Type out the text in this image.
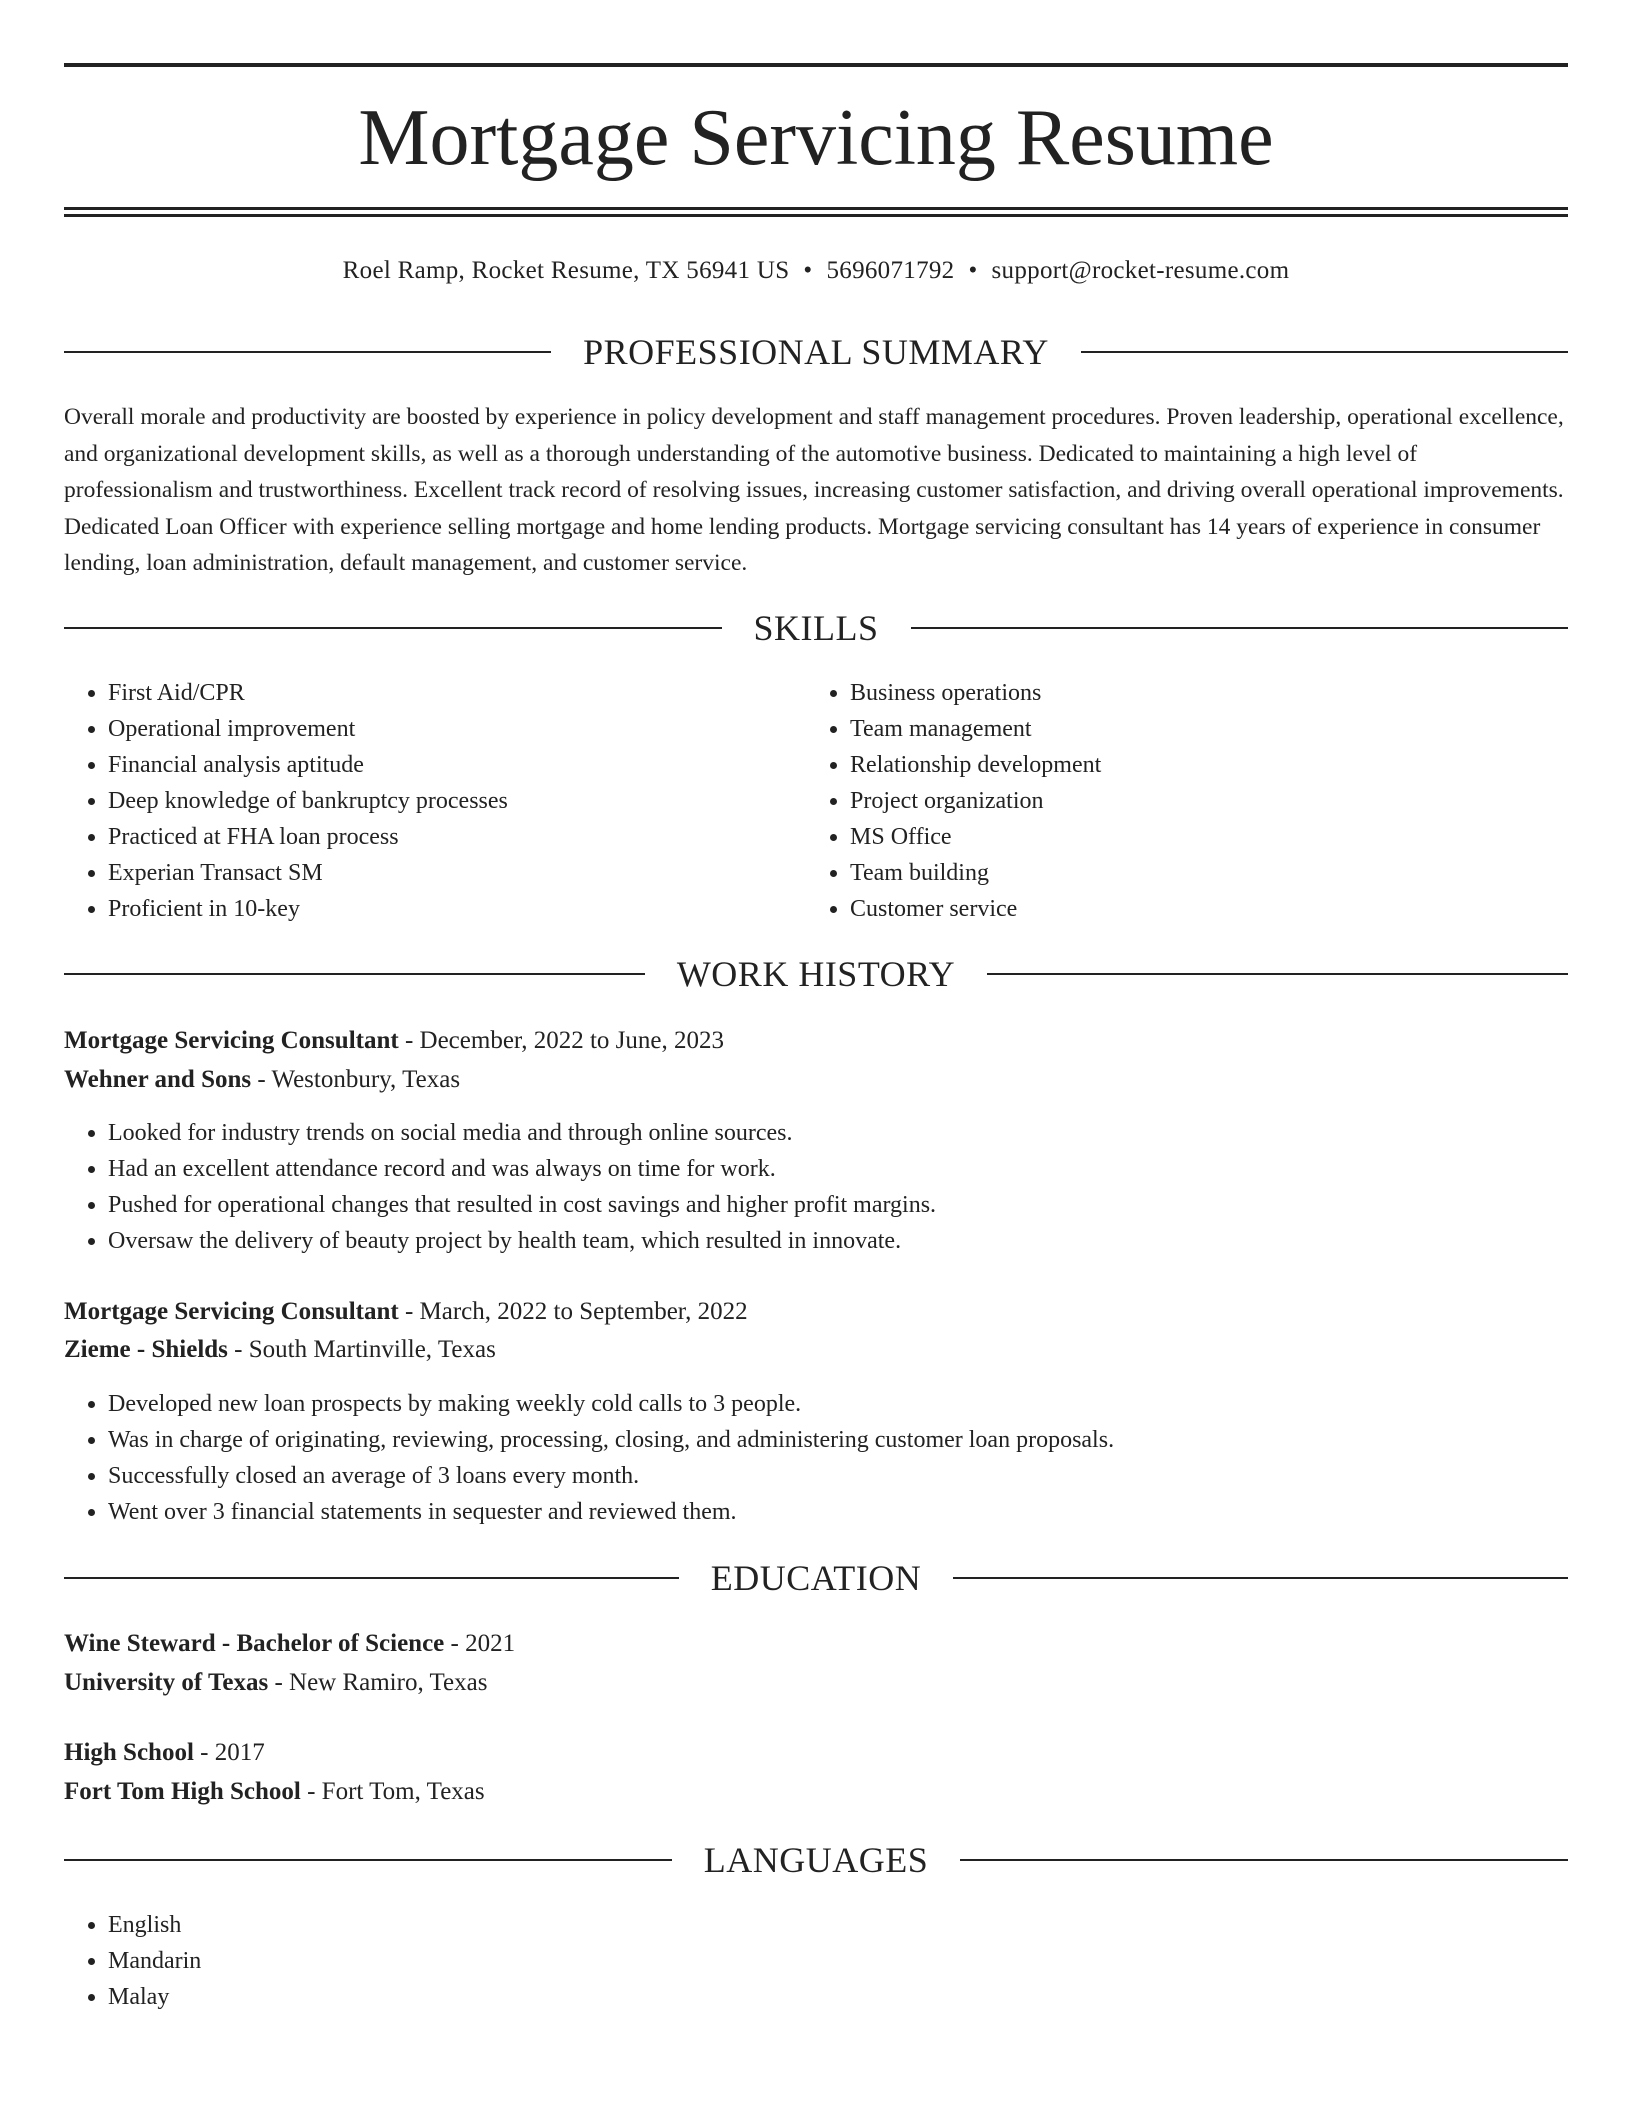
Mortgage Servicing Resume
Roel Ramp, Rocket Resume, TX 56941 US • 5696071792 • support@rocket-resume.com
PROFESSIONAL SUMMARY

Overall morale and productivity are boosted by experience in policy development and staff management procedures. Proven leadership, operational excellence, and organizational development skills, as well as a thorough understanding of the automotive business. Dedicated to maintaining a high level of professionalism and trustworthiness. Excellent track record of resolving issues, increasing customer satisfaction, and driving overall operational improvements. Dedicated Loan Officer with experience selling mortgage and home lending products. Mortgage servicing consultant has 14 years of experience in consumer lending, loan administration, default management, and customer service.

SKILLS
• First Aid/CPR
• Operational improvement
• Financial analysis aptitude
• Deep knowledge of bankruptcy processes
• Practiced at FHA loan process
• Experian Transact SM
• Proficient in 10-key
• Business operations
• Team management
• Relationship development
• Project organization
• MS Office
• Team building
• Customer service
WORK HISTORY
Mortgage Servicing Consultant - December, 2022 to June, 2023
Wehner and Sons - Westonbury, Texas
• Looked for industry trends on social media and through online sources.
• Had an excellent attendance record and was always on time for work.
• Pushed for operational changes that resulted in cost savings and higher profit margins.
• Oversaw the delivery of beauty project by health team, which resulted in innovate.
Mortgage Servicing Consultant - March, 2022 to September, 2022
Zieme - Shields - South Martinville, Texas
• Developed new loan prospects by making weekly cold calls to 3 people.
• Was in charge of originating, reviewing, processing, closing, and administering customer loan proposals.
• Successfully closed an average of 3 loans every month.
• Went over 3 financial statements in sequester and reviewed them.
EDUCATION
Wine Steward - Bachelor of Science - 2021
University of Texas - New Ramiro, Texas
High School - 2017
Fort Tom High School - Fort Tom, Texas
LANGUAGES
• English
• Mandarin
• Malay
